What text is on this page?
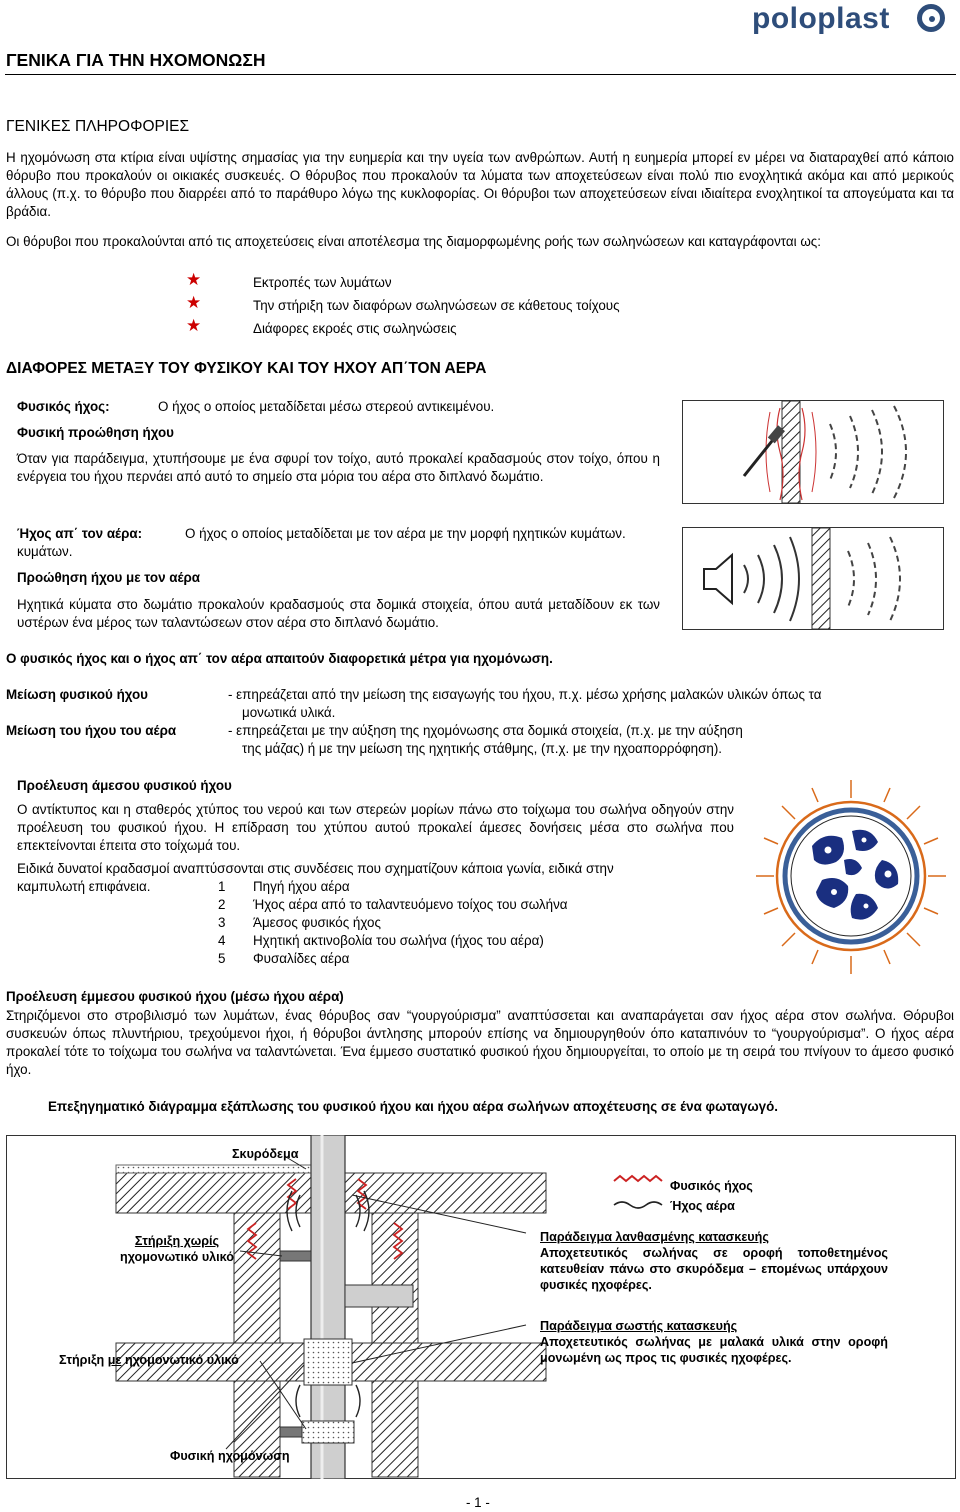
ΓΕΝΙΚΑ ΓΙΑ ΤΗΝ ΗΧΟΜΟΝΩΣΗ
poloplast
ΓΕΝΙΚΕΣ ΠΛΗΡΟΦΟΡΙΕΣ
Η ηχομόνωση στα κτίρια είναι υψίστης σημασίας για την ευημερία και την υγεία των ανθρώπων. Αυτή η ευημερία μπορεί εν μέρει να διαταραχθεί από κάποιο θόρυβο που προκαλούν οι οικιακές συσκευές. Ο θόρυβος που προκαλούν τα λύματα των αποχετεύσεων είναι πολύ πιο ενοχλητικά ακόμα και από μερικούς άλλους (π.χ. το θόρυβο που διαρρέει από το παράθυρο λόγω της κυκλοφορίας. Οι θόρυβοι των αποχετεύσεων είναι ιδιαίτερα ενοχλητικοί τα απογεύματα και τα βράδια.
Οι θόρυβοι που προκαλούνται από τις αποχετεύσεις είναι αποτέλεσμα της διαμορφωμένης ροής των σωληνώσεων και καταγράφονται ως:
★	Εκτροπές των λυμάτων
★	Την στήριξη των διαφόρων σωληνώσεων σε κάθετους τοίχους
★	Διάφορες εκροές στις σωληνώσεις
ΔΙΑΦΟΡΕΣ ΜΕΤΑΞΥ ΤΟΥ ΦΥΣΙΚΟΥ ΚΑΙ ΤΟΥ ΗΧΟΥ ΑΠ΄ΤΟΝ ΑΕΡΑ
Φυσικός ήχος:	Ο ήχος ο οποίος μεταδίδεται μέσω στερεού αντικειμένου.
Φυσική προώθηση ήχου
Όταν για παράδειγμα, χτυπήσουμε με ένα σφυρί τον τοίχο, αυτό προκαλεί κραδασμούς στον τοίχο, όπου η ενέργεια του ήχου περνάει από αυτό το σημείο στα μόρια του αέρα στο διπλανό δωμάτιο.
Ήχος απ΄ τον αέρα:	Ο ήχος ο οποίος μεταδίδεται με τον αέρα με την μορφή ηχητικών κυμάτων.
κυμάτων.
Προώθηση ήχου με τον αέρα
Ηχητικά κύματα στο δωμάτιο προκαλούν κραδασμούς στα δομικά στοιχεία, όπου αυτά μεταδίδουν εκ των υστέρων ένα μέρος των ταλαντώσεων στον αέρα στο διπλανό δωμάτιο.
Ο φυσικός ήχος και ο ήχος απ΄ τον αέρα απαιτούν διαφορετικά μέτρα για ηχομόνωση.
Μείωση φυσικού ήχου	- επηρεάζεται από την μείωση της εισαγωγής του ήχου, π.χ. μέσω χρήσης μαλακών υλικών όπως τα
μονωτικά υλικά.
Μείωση του ήχου του αέρα	- επηρεάζεται με την αύξηση της ηχομόνωσης στα δομικά στοιχεία, (π.χ. με την αύξηση
της μάζας) ή με την μείωση της ηχητικής στάθμης, (π.χ. με την ηχοαπορρόφηση).
Προέλευση άμεσου φυσικού ήχου
Ο αντίκτυπος και η σταθερός χτύπος του νερού και των στερεών μορίων πάνω στο τοίχωμα του σωλήνα οδηγούν στην προέλευση του φυσικού ήχου. Η επίδραση του χτύπου αυτού προκαλεί άμεσες δονήσεις μέσα στο σωλήνα που επεκτείνονται έπειτα στο τοίχωμά του.
Ειδικά δυνατοί κραδασμοί αναπτύσσονται στις συνδέσεις που σχηματίζουν κάποια γωνία, ειδικά στην
καμπυλωτή επιφάνεια.	1 Πηγή ήχου αέρα
2 Ήχος αέρα από το ταλαντευόμενο τοίχος του σωλήνα
3 Άμεσος φυσικός ήχος
4 Ηχητική ακτινοβολία του σωλήνα (ήχος του αέρα)
5 Φυσαλίδες αέρα
Προέλευση έμμεσου φυσικού ήχου (μέσω ήχου αέρα)
Στηριζόμενοι στο στροβιλισμό των λυμάτων, ένας θόρυβος σαν “γουργούρισμα” αναπτύσσεται και αναπαράγεται σαν ήχος αέρα στον σωλήνα. Θόρυβοι συσκευών όπως πλυντήριου, τρεχούμενοι ήχοι, ή θόρυβοι άντλησης μπορούν επίσης να δημιουργηθούν όπο καταπινόυν το “γουργούρισμα”. Ο ήχος αέρα προκαλεί τότε το τοίχωμα του σωλήνα να ταλαντώνεται. Ένα έμμεσο συστατικό φυσικού ήχου δημιουργείται, το οποίο με τη σειρά του πνίγουν το άμεσο φυσικό ήχο.
Επεξηγηματικό διάγραμμα εξάπλωσης του φυσικού ήχου και ήχου αέρα σωλήνων αποχέτευσης σε ένα φωταγωγό.
Σκυρόδεμα
Στήριξη χωρίς
ηχομονωτικό υλικό
Στήριξη με ηχομονωτικό υλικό
Φυσική ηχομόνωση
Φυσικός ήχος
Ήχος αέρα
Παράδειγμα λανθασμένης κατασκευής
Αποχετευτικός σωλήνας σε οροφή τοποθετημένος κατευθείαν πάνω στο σκυρόδεμα – επομένως υπάρχουν φυσικές ηχοφέρες.
Παράδειγμα σωστής κατασκευής
Αποχετευτικός σωλήνας με μαλακά υλικά στην οροφή μονωμένη ως προς τις φυσικές ηχοφέρες.
- 1 -
